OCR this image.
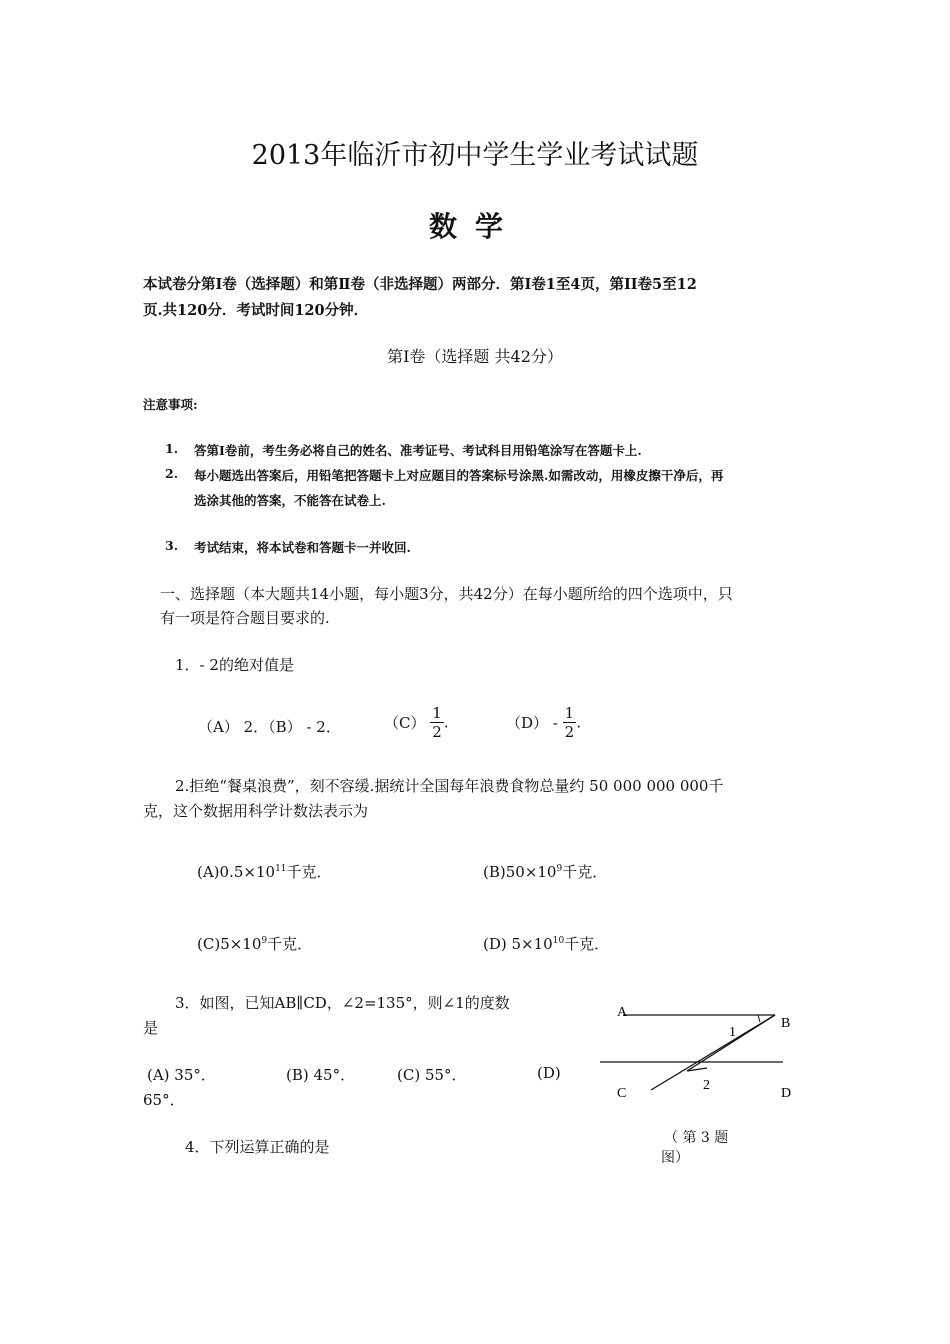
2013年临沂市初中学生学业考试试题
数学
本试卷分第Ⅰ卷（选择题）和第Ⅱ卷（非选择题）两部分．第Ⅰ卷1至4页，第II卷5至12
页.共120分．考试时间120分钟．
第Ⅰ卷（选择题 共42分）
注意事项:
1. 答第Ⅰ卷前，考生务必将自己的姓名、准考证号、考试科目用铅笔涂写在答题卡上.
2. 每小题选出答案后，用铅笔把答题卡上对应题目的答案标号涂黑.如需改动，用橡皮擦干净后，再
选涂其他的答案，不能答在试卷上.
3. 考试结束，将本试卷和答题卡一并收回.
一、选择题（本大题共14小题，每小题3分，共42分）在每小题所给的四个选项中，只
有一项是符合题目要求的.
1．- 2的绝对值是
（A） 2．（B） - 2．	$(C) \frac{1}{2}$ .	$(D) - \frac{1}{2}$ .
2.拒绝“餐桌浪费”，刻不容缓.据统计全国每年浪费食物总量约 50 000 000 000千
克，这个数据用科学计数法表示为
$(A)0.5\times 10^{11}$千克．	$(B)50\times 10^9$千克．
$(C)5\times 10^9$千克．	(D) $5\times 10^{10}$千克．
3．如图，已知AB∥CD，∠2=135°，则∠1的度数
是
(A) 35°．	(B) 45°．	(C) 55°．	(D)
65°．
A
B
C	D
1
2
（ 第 3 题
图）
4．下列运算正确的是
